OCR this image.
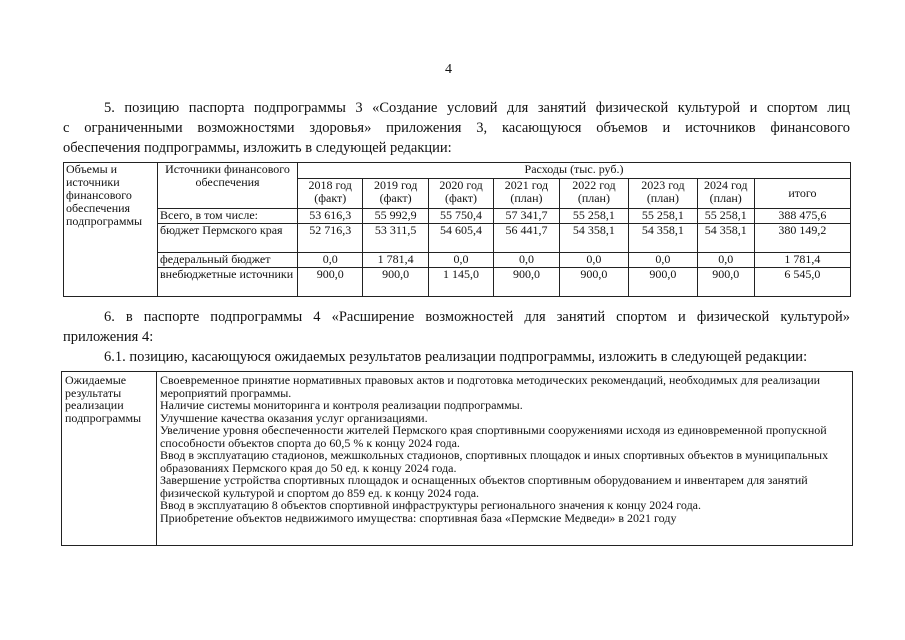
4
5. позицию паспорта подпрограммы 3 «Создание условий для занятий физической культурой и спортом лиц
с ограниченными возможностями здоровья» приложения 3, касающуюся объемов и источников финансового
обеспечения подпрограммы, изложить в следующей редакции:
Объемы и источники финансового обеспечения подпрограммы	Источники финансового обеспечения	Расходы (тыс. руб.)							
		2018 год (факт)	2019 год (факт)	2020 год (факт)	2021 год (план)	2022 год (план)	2023 год (план)	2024 год (план)	итого
	Всего, в том числе:	53 616,3	55 992,9	55 750,4	57 341,7	55 258,1	55 258,1	55 258,1	388 475,6
	бюджет Пермского края	52 716,3	53 311,5	54 605,4	56 441,7	54 358,1	54 358,1	54 358,1	380 149,2
	федеральный бюджет	0,0	1 781,4	0,0	0,0	0,0	0,0	0,0	1 781,4
	внебюджетные источники	900,0	900,0	1 145,0	900,0	900,0	900,0	900,0	6 545,0
6. в паспорте подпрограммы 4 «Расширение возможностей для занятий спортом и физической культурой»
приложения 4:
6.1. позицию, касающуюся ожидаемых результатов реализации подпрограммы, изложить в следующей редакции:
Ожидаемые результаты реализации подпрограммы	
Своевременное принятие нормативных правовых актов и подготовка методических рекомендаций, необходимых для реализации мероприятий программы.
Наличие системы мониторинга и контроля реализации подпрограммы.
Улучшение качества оказания услуг организациями.
Увеличение уровня обеспеченности жителей Пермского края спортивными сооружениями исходя из единовременной пропускной способности объектов спорта до 60,5 % к концу 2024 года.
Ввод в эксплуатацию стадионов, межшкольных стадионов, спортивных площадок и иных спортивных объектов в муниципальных образованиях Пермского края до 50 ед. к концу 2024 года.
Завершение устройства спортивных площадок и оснащенных объектов спортивным оборудованием и инвентарем для занятий физической культурой и спортом до 859 ед. к концу 2024 года.
Ввод в эксплуатацию 8 объектов спортивной инфраструктуры регионального значения к концу 2024 года.
Приобретение объектов недвижимого имущества: спортивная база «Пермские Медведи» в 2021 году
